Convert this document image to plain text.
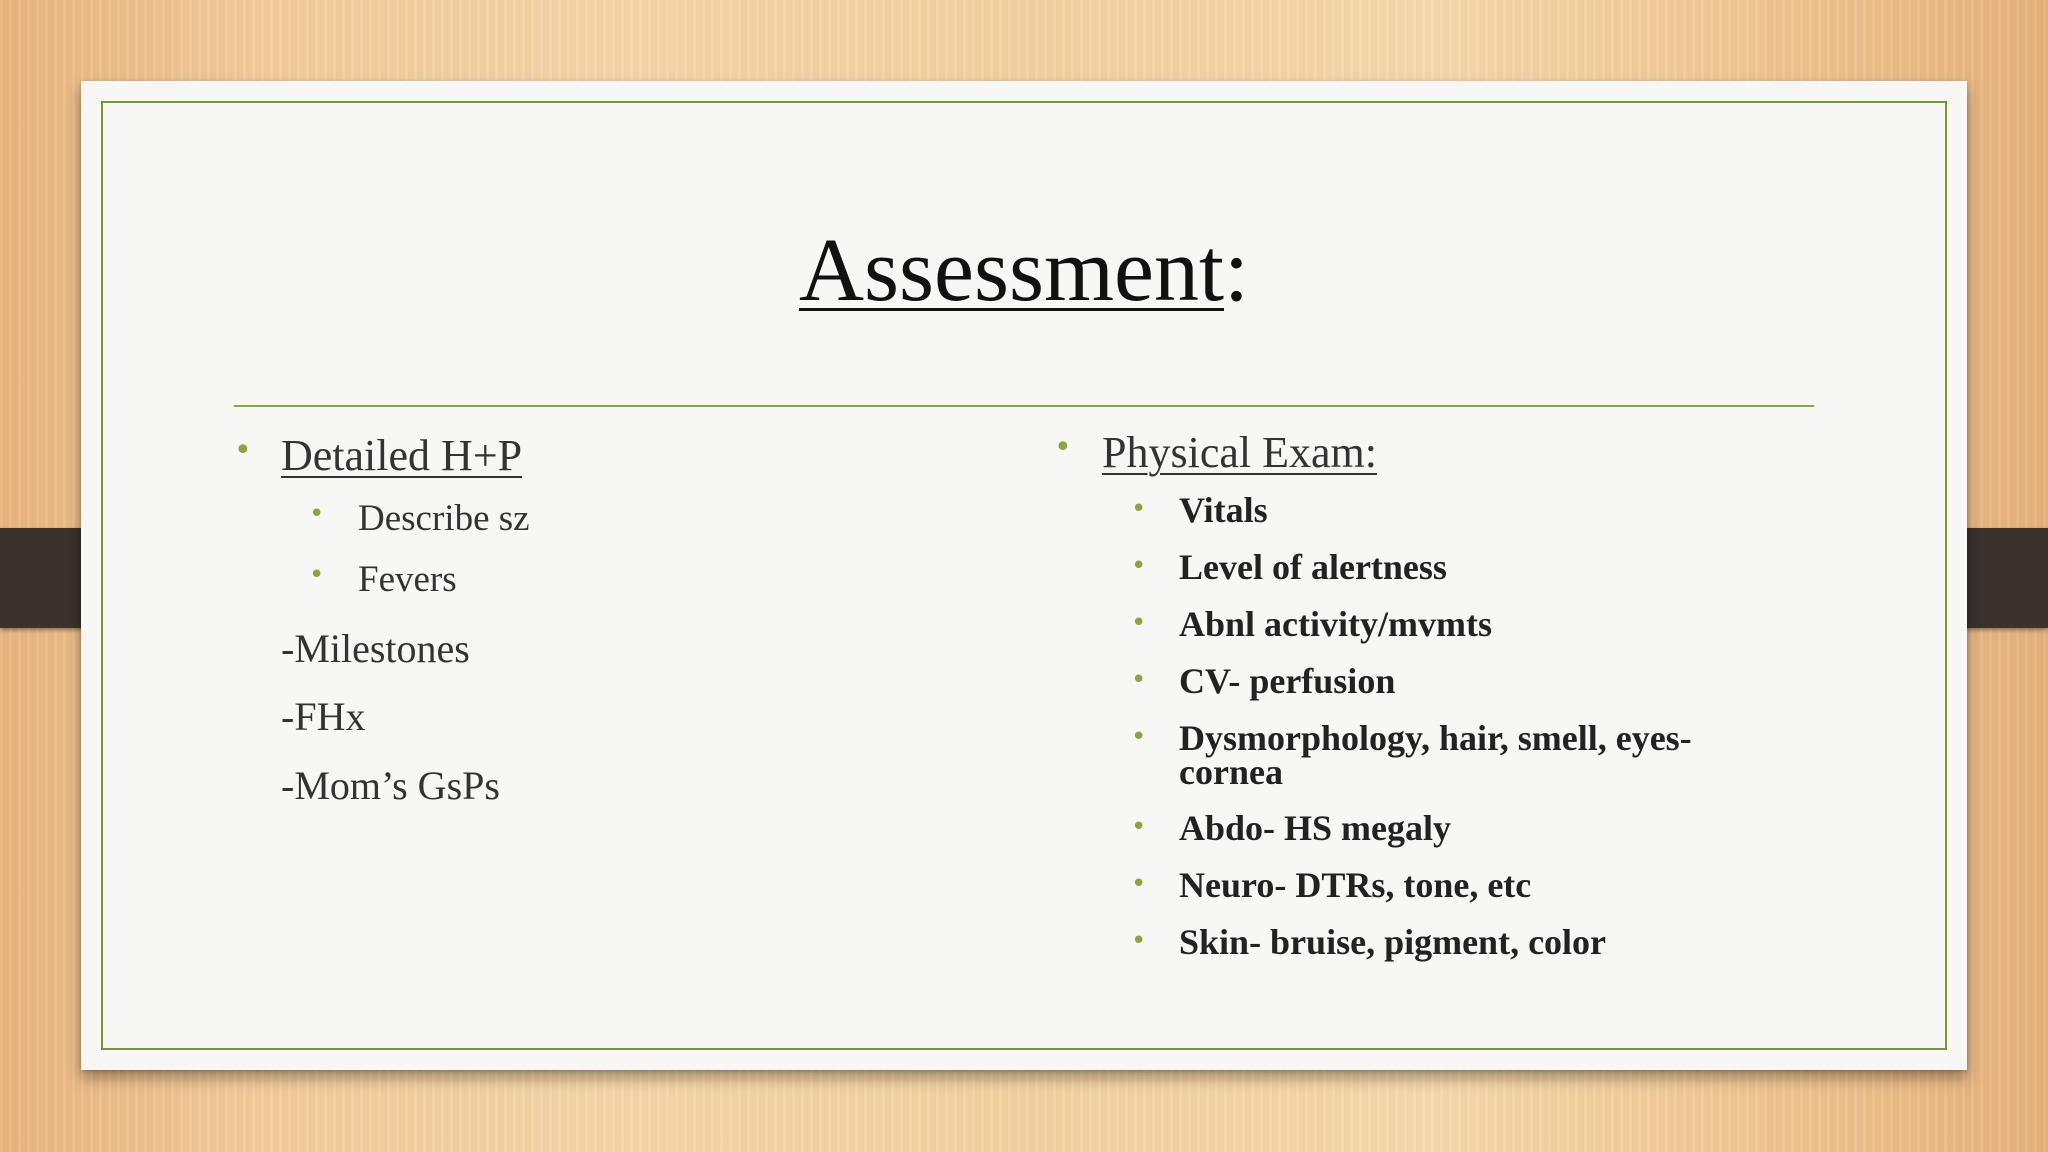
Assessment:
• Detailed H+P
• Describe sz
• Fevers
-Milestones
-FHx
-Mom’s GsPs
• Physical Exam:
• Vitals
• Level of alertness
• Abnl activity/mvmts
• CV- perfusion
• Dysmorphology, hair, smell, eyes-
cornea
• Abdo- HS megaly
• Neuro- DTRs, tone, etc
• Skin- bruise, pigment, color
